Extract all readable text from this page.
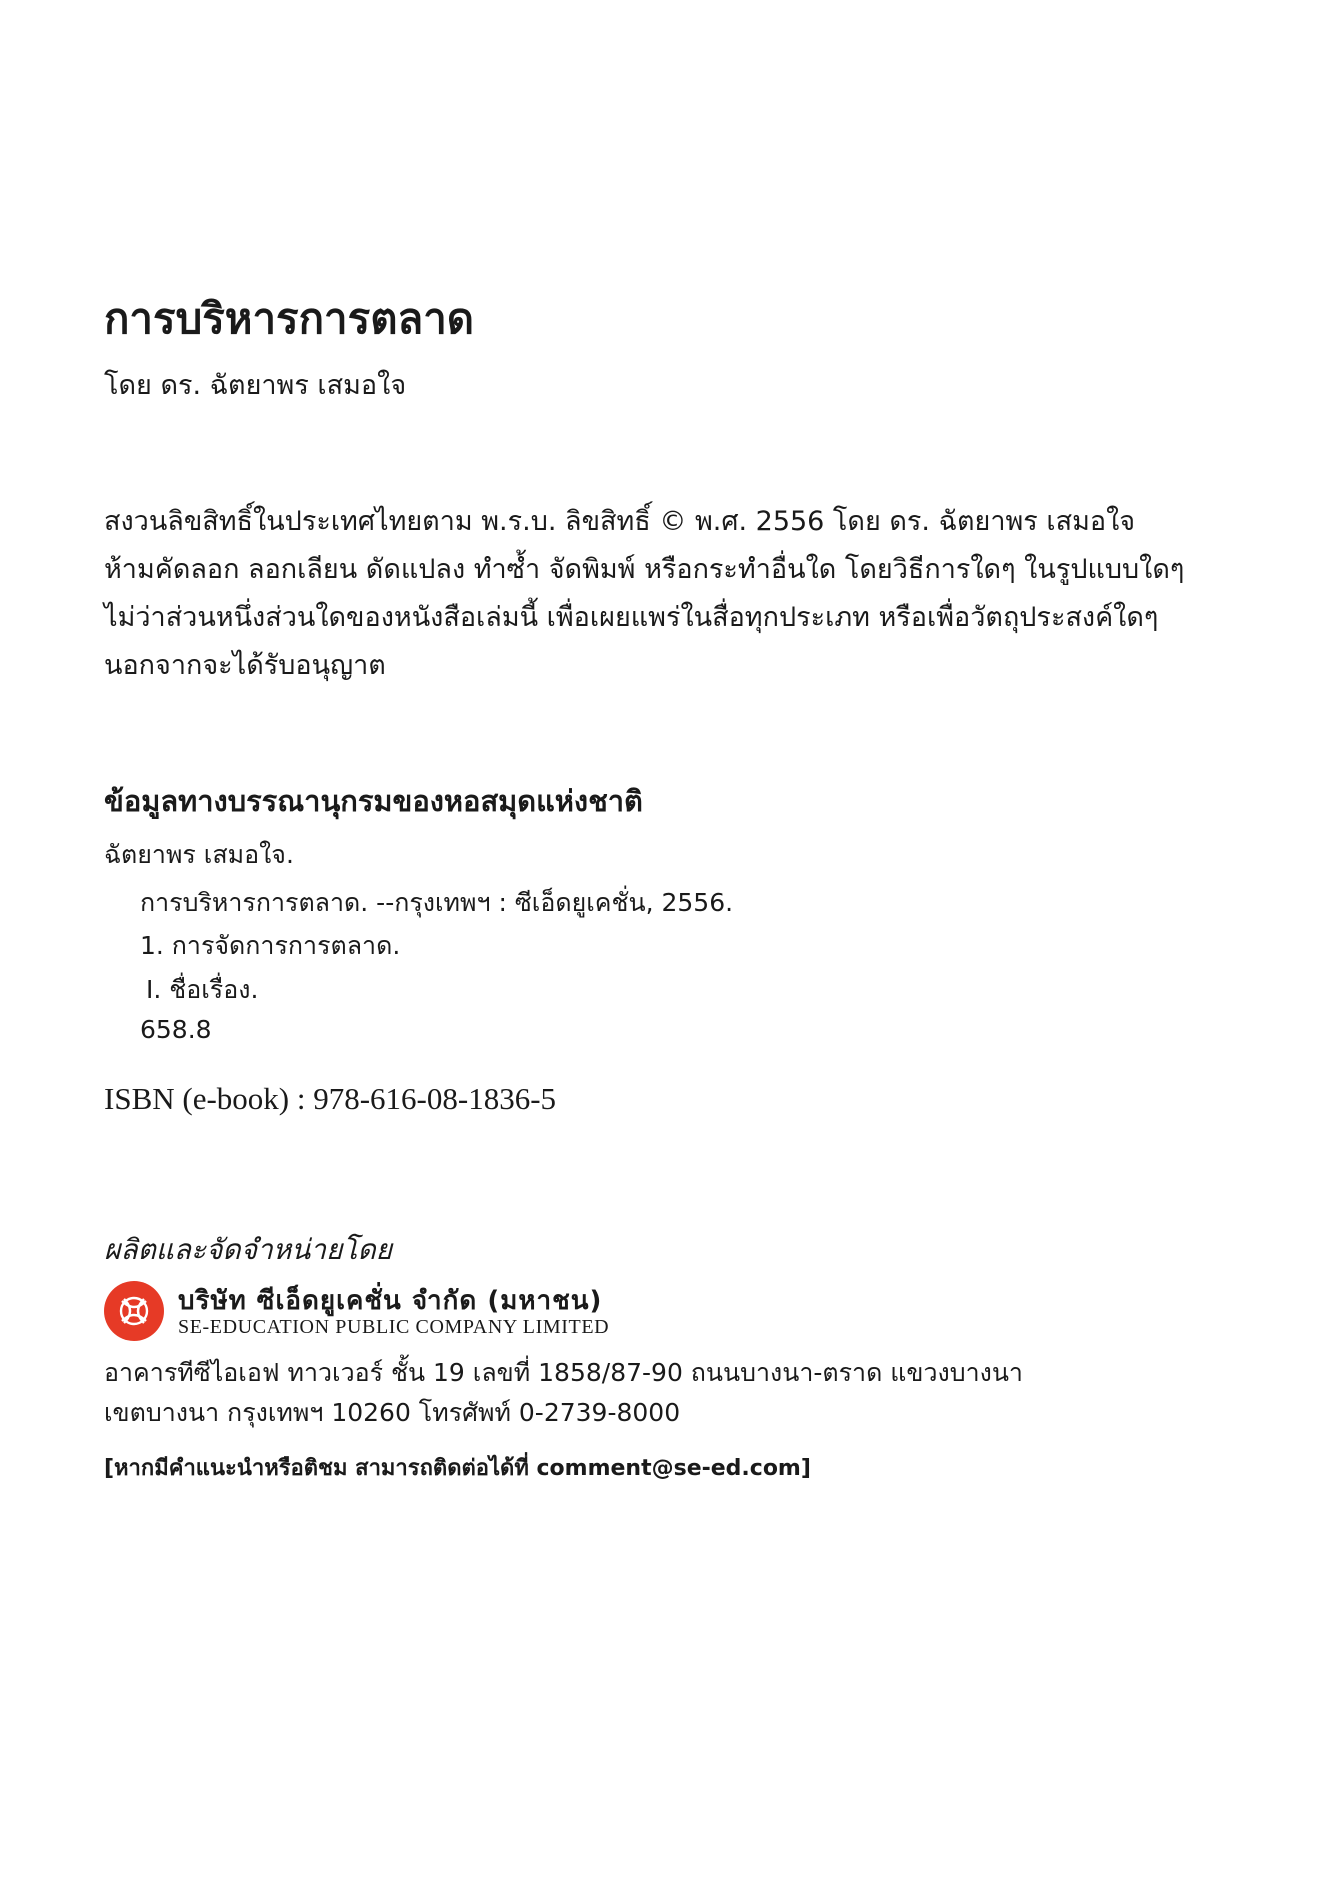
การบริหารการตลาด
โดย ดร. ฉัตยาพร เสมอใจ
สงวนลิขสิทธิ์ในประเทศไทยตาม พ.ร.บ. ลิขสิทธิ์ © พ.ศ. 2556 โดย ดร. ฉัตยาพร เสมอใจ
ห้ามคัดลอก ลอกเลียน ดัดแปลง ทำซ้ำ จัดพิมพ์ หรือกระทำอื่นใด โดยวิธีการใดๆ ในรูปแบบใดๆ
ไม่ว่าส่วนหนึ่งส่วนใดของหนังสือเล่มนี้ เพื่อเผยแพร่ในสื่อทุกประเภท หรือเพื่อวัตถุประสงค์ใดๆ
นอกจากจะได้รับอนุญาต
ข้อมูลทางบรรณานุกรมของหอสมุดแห่งชาติ
ฉัตยาพร เสมอใจ.
การบริหารการตลาด. --กรุงเทพฯ : ซีเอ็ดยูเคชั่น, 2556.
1. การจัดการการตลาด.
I. ชื่อเรื่อง.
658.8
ISBN (e-book) : 978-616-08-1836-5
ผลิตและจัดจำหน่ายโดย
บริษัท ซีเอ็ดยูเคชั่น จำกัด (มหาชน)
SE-EDUCATION PUBLIC COMPANY LIMITED
อาคารทีซีไอเอฟ ทาวเวอร์ ชั้น 19 เลขที่ 1858/87-90 ถนนบางนา-ตราด แขวงบางนา
เขตบางนา กรุงเทพฯ 10260 โทรศัพท์ 0-2739-8000
[หากมีคำแนะนำหรือติชม สามารถติดต่อได้ที่ comment@se-ed.com]
